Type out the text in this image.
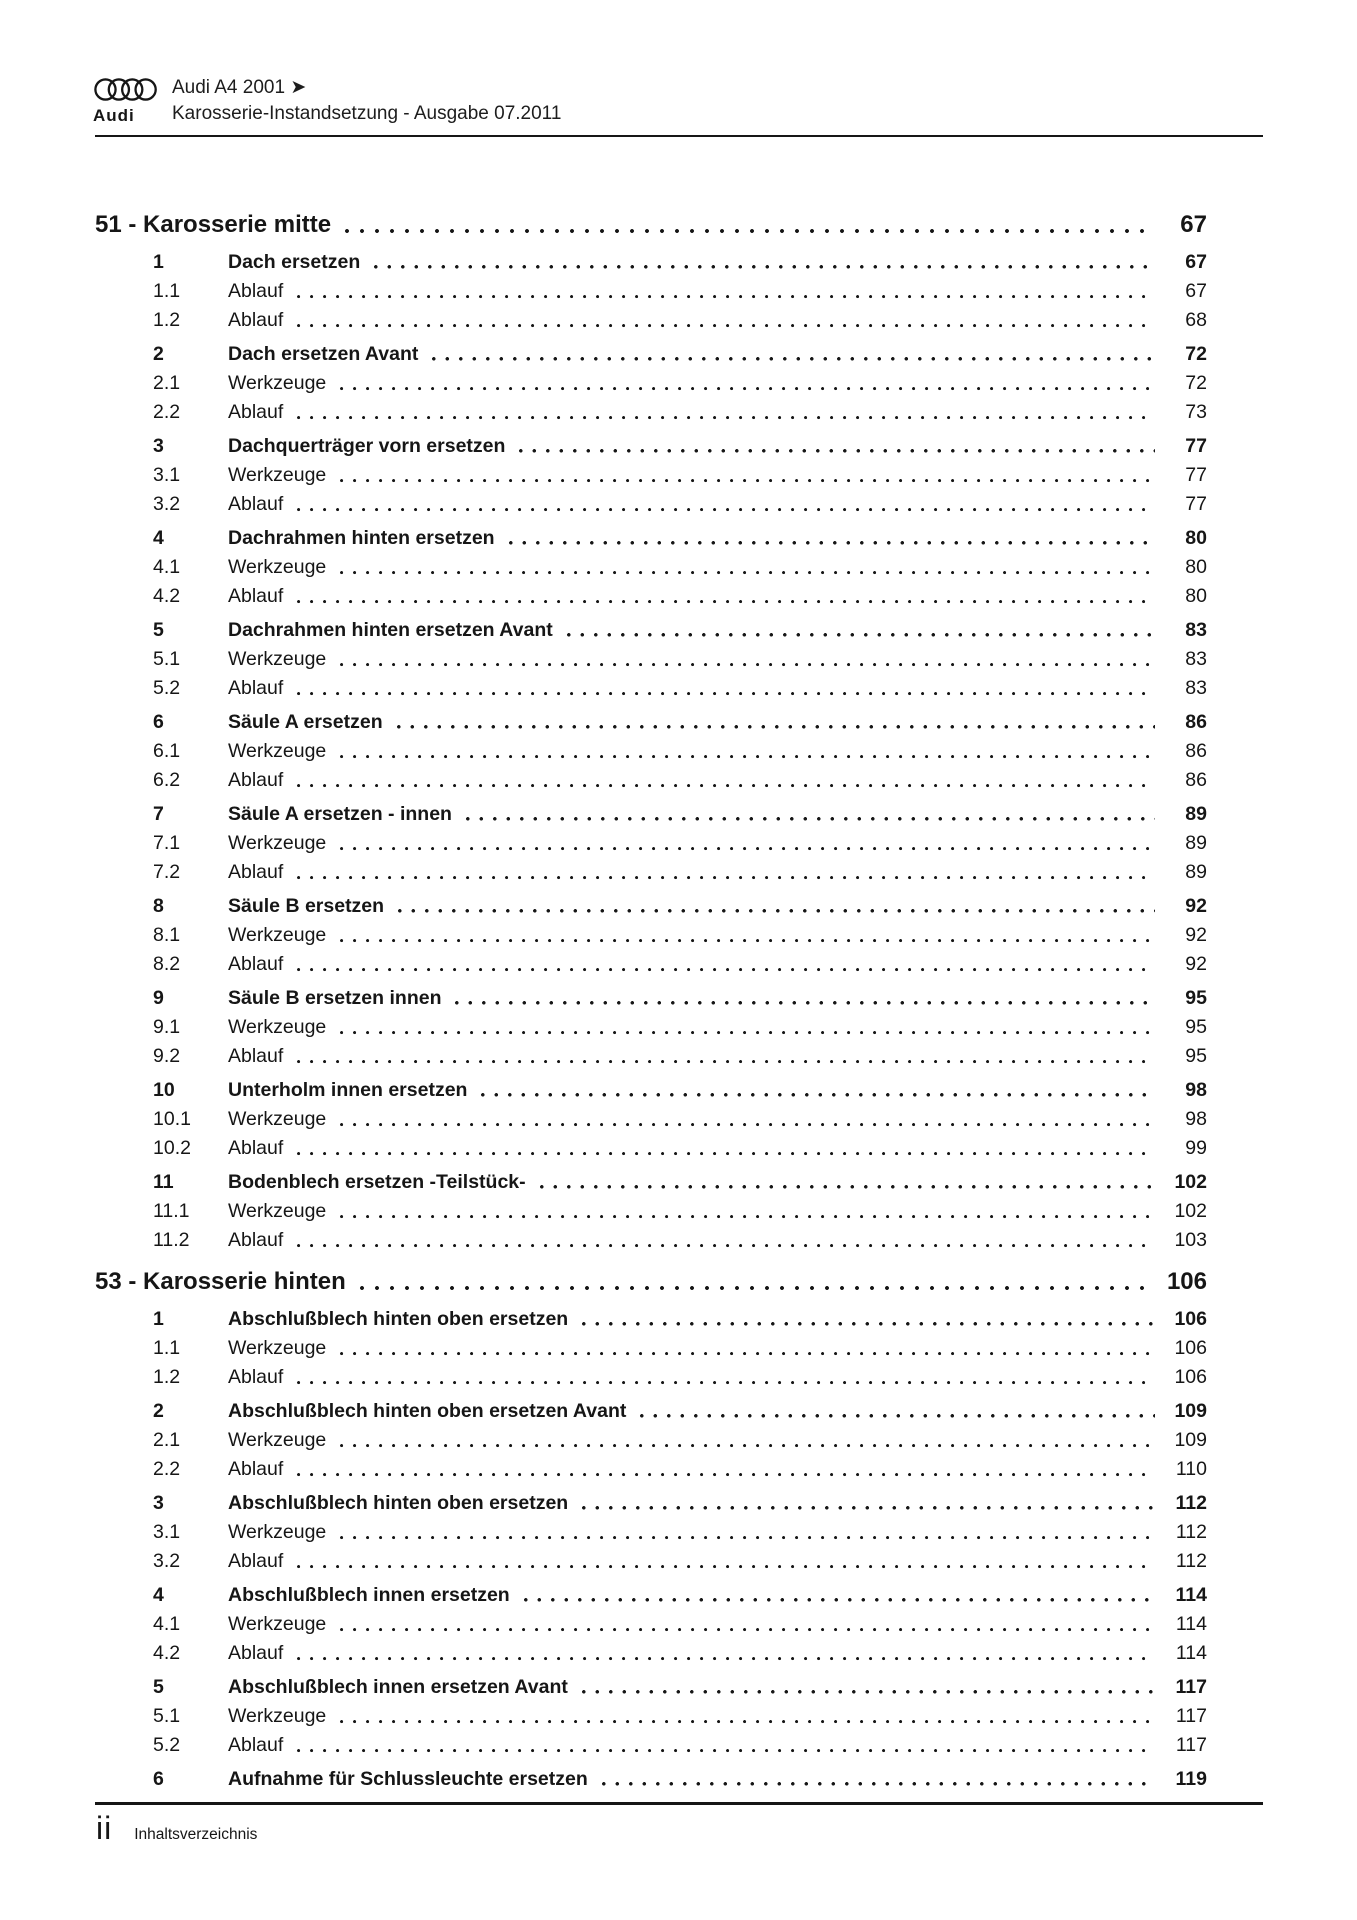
Audi
Audi A4 2001 ➤
Karosserie-Instandsetzung - Ausgabe 07.2011
51 - Karosserie mitte	67
1	Dach ersetzen	67
1.1	Ablauf	67
1.2	Ablauf	68
2	Dach ersetzen Avant	72
2.1	Werkzeuge	72
2.2	Ablauf	73
3	Dachquerträger vorn ersetzen	77
3.1	Werkzeuge	77
3.2	Ablauf	77
4	Dachrahmen hinten ersetzen	80
4.1	Werkzeuge	80
4.2	Ablauf	80
5	Dachrahmen hinten ersetzen Avant	83
5.1	Werkzeuge	83
5.2	Ablauf	83
6	Säule A ersetzen	86
6.1	Werkzeuge	86
6.2	Ablauf	86
7	Säule A ersetzen - innen	89
7.1	Werkzeuge	89
7.2	Ablauf	89
8	Säule B ersetzen	92
8.1	Werkzeuge	92
8.2	Ablauf	92
9	Säule B ersetzen innen	95
9.1	Werkzeuge	95
9.2	Ablauf	95
10	Unterholm innen ersetzen	98
10.1	Werkzeuge	98
10.2	Ablauf	99
11	Bodenblech ersetzen -Teilstück-	102
11.1	Werkzeuge	102
11.2	Ablauf	103
53 - Karosserie hinten	106
1	Abschlußblech hinten oben ersetzen	106
1.1	Werkzeuge	106
1.2	Ablauf	106
2	Abschlußblech hinten oben ersetzen Avant	109
2.1	Werkzeuge	109
2.2	Ablauf	110
3	Abschlußblech hinten oben ersetzen	112
3.1	Werkzeuge	112
3.2	Ablauf	112
4	Abschlußblech innen ersetzen	114
4.1	Werkzeuge	114
4.2	Ablauf	114
5	Abschlußblech innen ersetzen Avant	117
5.1	Werkzeuge	117
5.2	Ablauf	117
6	Aufnahme für Schlussleuchte ersetzen	119
ii Inhaltsverzeichnis
